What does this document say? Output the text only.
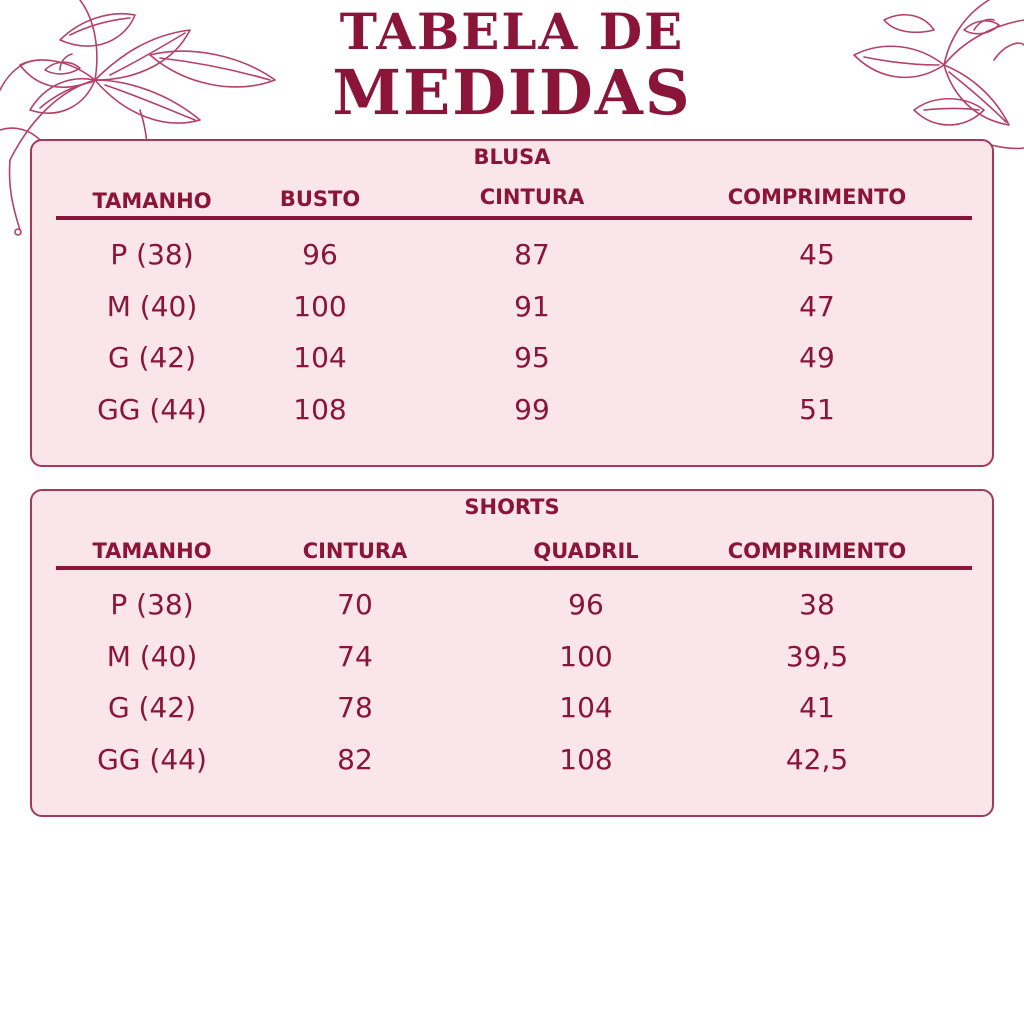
TABELA DE
MEDIDAS
BLUSA
TAMANHO	BUSTO	CINTURA	COMPRIMENTO
P (38)	96	87	45
M (40)	100	91	47
G (42)	104	95	49
GG (44)	108	99	51
SHORTS
TAMANHO	CINTURA	QUADRIL	COMPRIMENTO
P (38)	70	96	38
M (40)	74	100	39,5
G (42)	78	104	41
GG (44)	82	108	42,5
